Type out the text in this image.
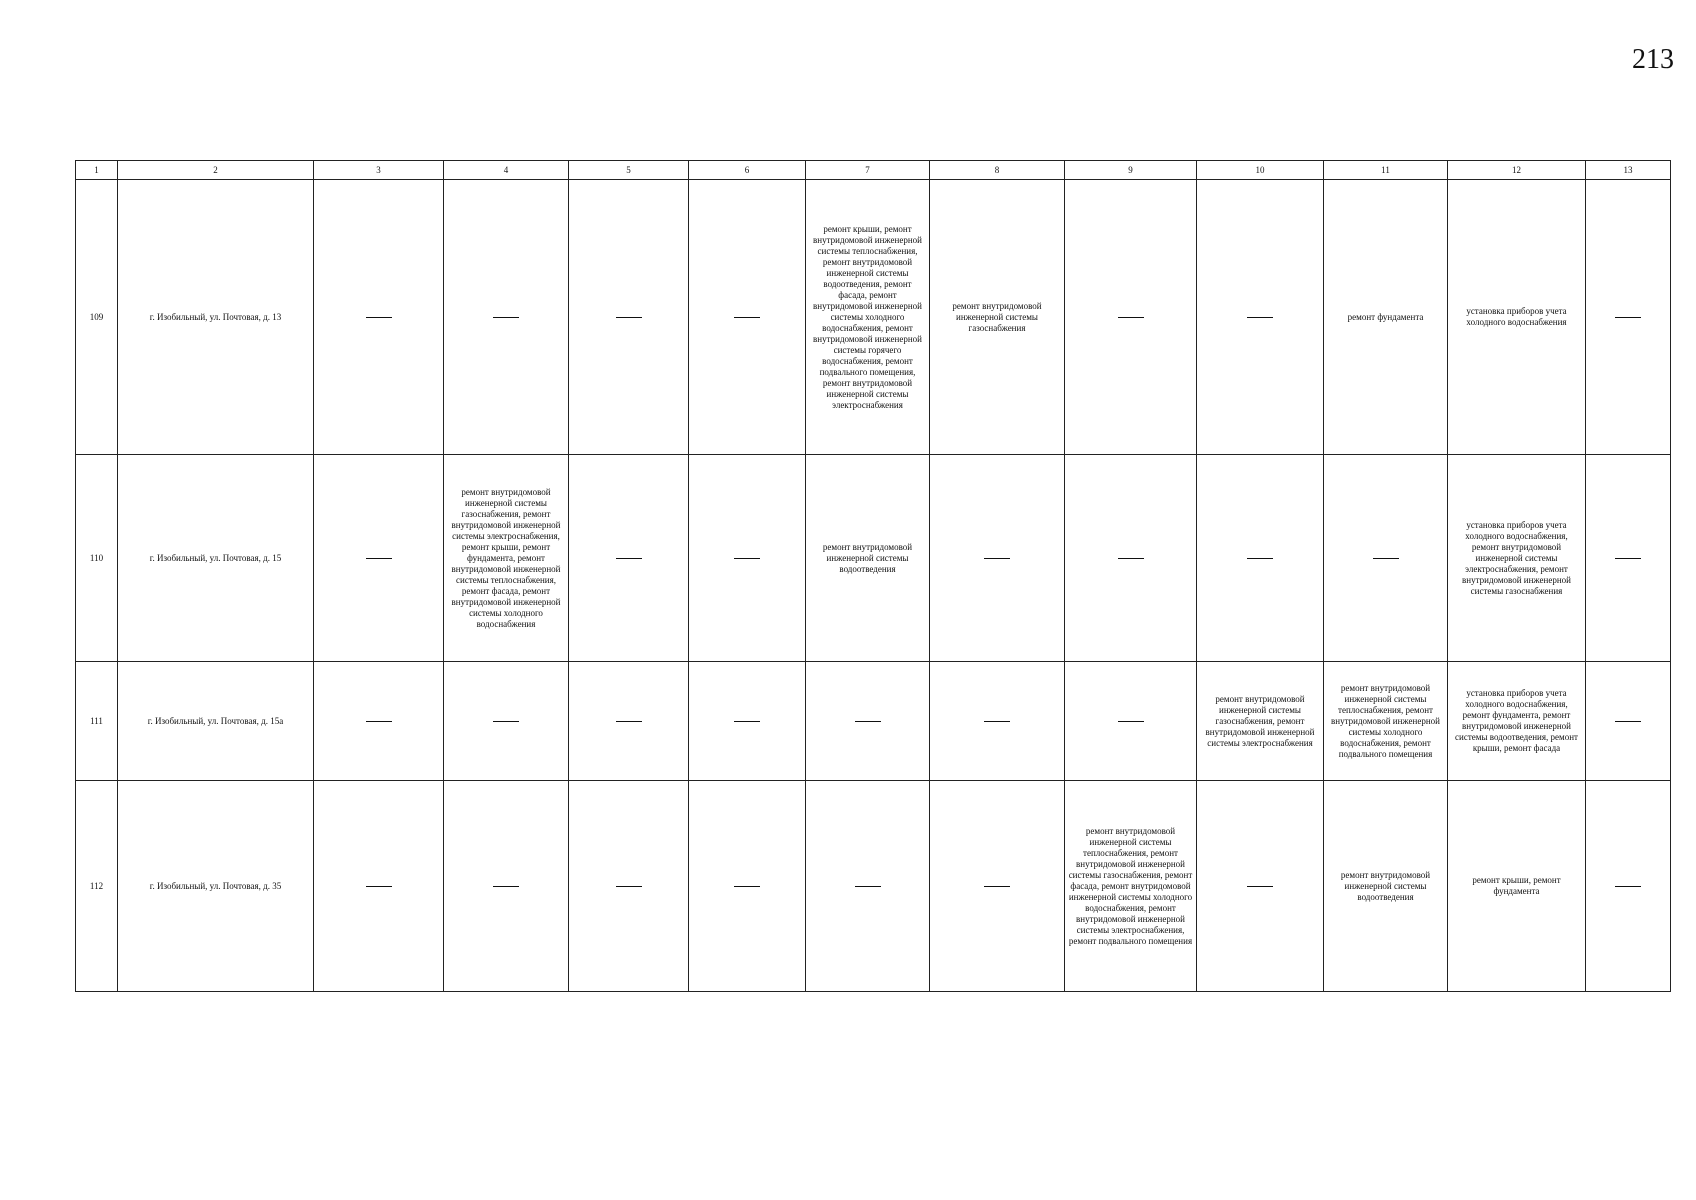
213
1	2	3	4	5	6	7	8	9	10	11	12	13
109	г. Изобильный, ул. Почтовая, д. 13					ремонт крыши, ремонт внутридомовой инженерной системы теплоснабжения, ремонт внутридомовой инженерной системы водоотведения, ремонт фасада, ремонт внутридомовой инженерной системы холодного водоснабжения, ремонт внутридомовой инженерной системы горячего водоснабжения, ремонт подвального помещения, ремонт внутридомовой инженерной системы электроснабжения	ремонт внутридомовой инженерной системы газоснабжения			ремонт фундамента	установка приборов учета холодного водоснабжения	
110	г. Изобильный, ул. Почтовая, д. 15		ремонт внутридомовой инженерной системы газоснабжения, ремонт внутридомовой инженерной системы электроснабжения, ремонт крыши, ремонт фундамента, ремонт внутридомовой инженерной системы теплоснабжения, ремонт фасада, ремонт внутридомовой инженерной системы холодного водоснабжения			ремонт внутридомовой инженерной системы водоотведения					установка приборов учета холодного водоснабжения, ремонт внутридомовой инженерной системы электроснабжения, ремонт внутридомовой инженерной системы газоснабжения	
111	г. Изобильный, ул. Почтовая, д. 15а								ремонт внутридомовой инженерной системы газоснабжения, ремонт внутридомовой инженерной системы электроснабжения	ремонт внутридомовой инженерной системы теплоснабжения, ремонт внутридомовой инженерной системы холодного водоснабжения, ремонт подвального помещения	установка приборов учета холодного водоснабжения, ремонт фундамента, ремонт внутридомовой инженерной системы водоотведения, ремонт крыши, ремонт фасада	
112	г. Изобильный, ул. Почтовая, д. 35							ремонт внутридомовой инженерной системы теплоснабжения, ремонт внутридомовой инженерной системы газоснабжения, ремонт фасада, ремонт внутридомовой инженерной системы холодного водоснабжения, ремонт внутридомовой инженерной системы электроснабжения, ремонт подвального помещения		ремонт внутридомовой инженерной системы водоотведения	ремонт крыши, ремонт фундамента	
